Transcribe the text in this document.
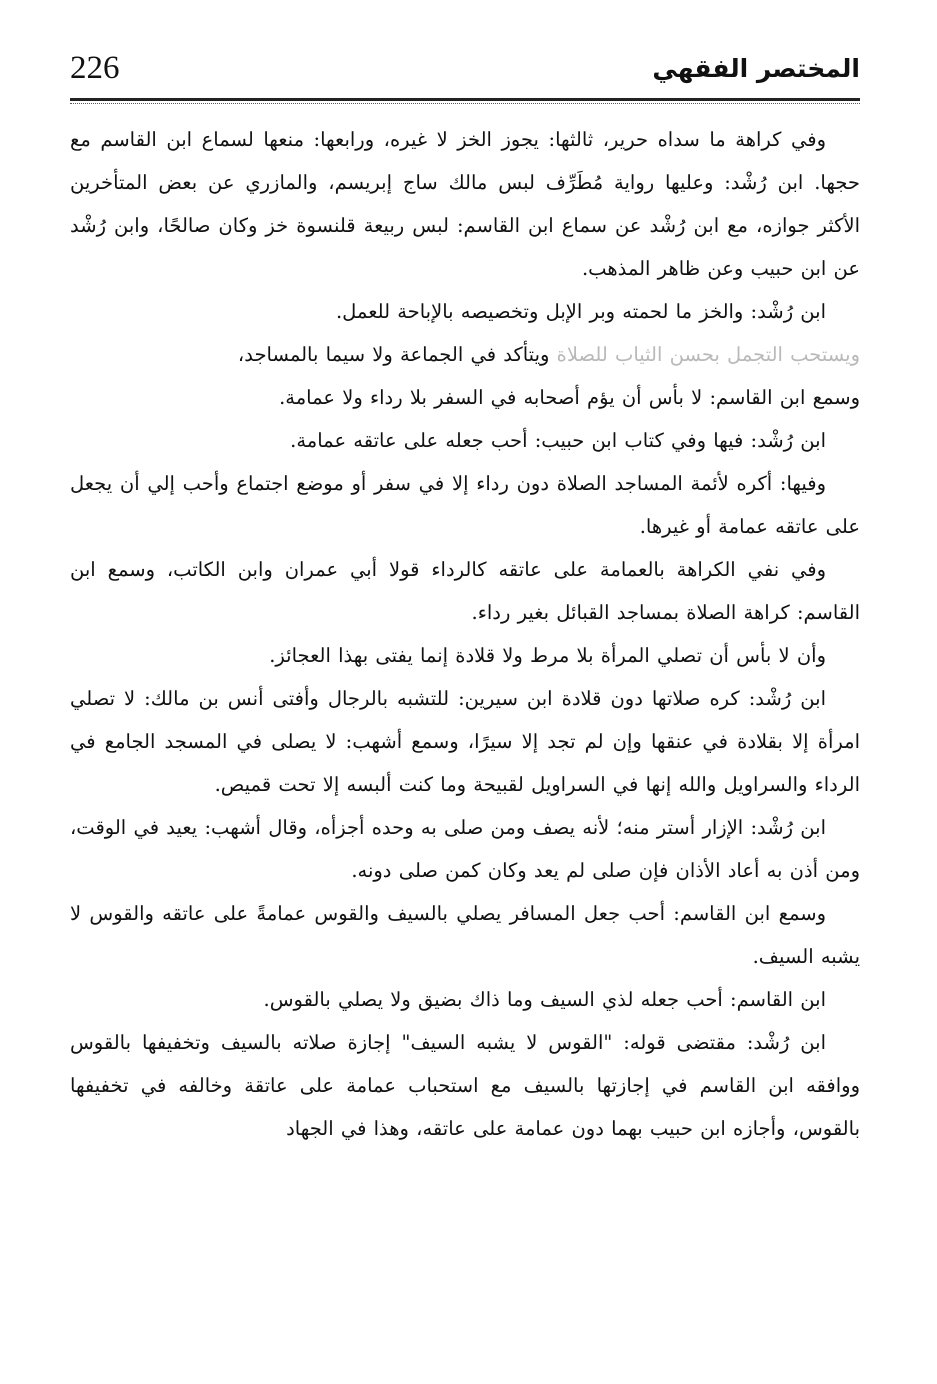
226	المختصر الفقهي

وفي كراهة ما سداه حرير، ثالثها: يجوز الخز لا غيره، ورابعها: منعها لسماع ابن القاسم مع حجها. ابن رُشْد: وعليها رواية مُطَرِّف لبس مالك ساج إبريسم، والمازري عن بعض المتأخرين الأكثر جوازه، مع ابن رُشْد عن سماع ابن القاسم: لبس ربيعة قلنسوة خز وكان صالحًا، وابن رُشْد عن ابن حبيب وعن ظاهر المذهب.

ابن رُشْد: والخز ما لحمته وبر الإبل وتخصيصه بالإباحة للعمل.

ويستحب التجمل بحسن الثياب للصلاة ويتأكد في الجماعة ولا سيما بالمساجد،

وسمع ابن القاسم: لا بأس أن يؤم أصحابه في السفر بلا رداء ولا عمامة.

ابن رُشْد: فيها وفي كتاب ابن حبيب: أحب جعله على عاتقه عمامة.

وفيها: أكره لأئمة المساجد الصلاة دون رداء إلا في سفر أو موضع اجتماع وأحب إلي أن يجعل على عاتقه عمامة أو غيرها.

وفي نفي الكراهة بالعمامة على عاتقه كالرداء قولا أبي عمران وابن الكاتب، وسمع ابن القاسم: كراهة الصلاة بمساجد القبائل بغير رداء.

وأن لا بأس أن تصلي المرأة بلا مرط ولا قلادة إنما يفتى بهذا العجائز.

ابن رُشْد: كره صلاتها دون قلادة ابن سيرين: للتشبه بالرجال وأفتى أنس بن مالك: لا تصلي امرأة إلا بقلادة في عنقها وإن لم تجد إلا سيرًا، وسمع أشهب: لا يصلى في المسجد الجامع في الرداء والسراويل والله إنها في السراويل لقبيحة وما كنت ألبسه إلا تحت قميص.

ابن رُشْد: الإزار أستر منه؛ لأنه يصف ومن صلى به وحده أجزأه، وقال أشهب: يعيد في الوقت، ومن أذن به أعاد الأذان فإن صلى لم يعد وكان كمن صلى دونه.

وسمع ابن القاسم: أحب جعل المسافر يصلي بالسيف والقوس عمامةً على عاتقه والقوس لا يشبه السيف.

ابن القاسم: أحب جعله لذي السيف وما ذاك بضيق ولا يصلي بالقوس.

ابن رُشْد: مقتضى قوله: "القوس لا يشبه السيف" إجازة صلاته بالسيف وتخفيفها بالقوس ووافقه ابن القاسم في إجازتها بالسيف مع استحباب عمامة على عاتقة وخالفه في تخفيفها بالقوس، وأجازه ابن حبيب بهما دون عمامة على عاتقه، وهذا في الجهاد
